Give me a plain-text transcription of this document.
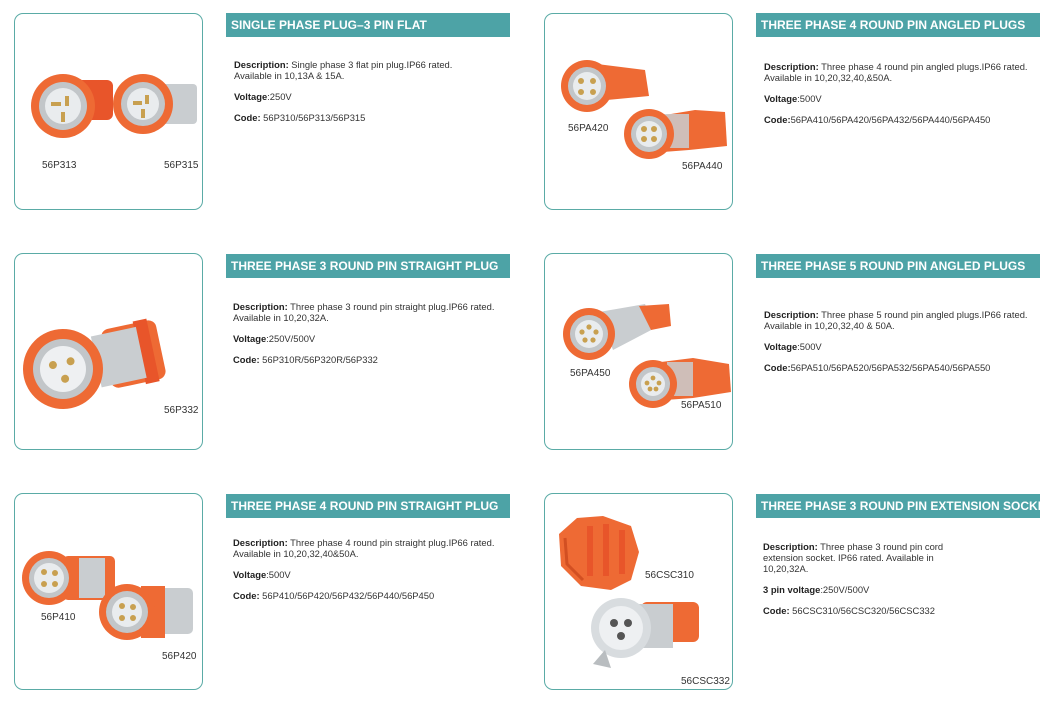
56P313	56P315
SINGLE PHASE PLUG–3 PIN FLAT

Description: Single phase 3 flat pin plug.IP66 rated. Available in 10,13A & 15A.

Voltage:250V

Code: 56P310/56P313/56P315

56PA420
56PA440
THREE PHASE 4 ROUND PIN ANGLED PLUGS

Description: Three phase 4 round pin angled plugs.IP66 rated. Available in 10,20,32,40,&50A.

Voltage:500V

Code:56PA410/56PA420/56PA432/56PA440/56PA450

56P332
THREE PHASE 3 ROUND PIN STRAIGHT PLUG

Description: Three phase 3 round pin straight plug.IP66 rated. Available in 10,20,32A.

Voltage:250V/500V

Code: 56P310R/56P320R/56P332

56PA450
56PA510
THREE PHASE 5 ROUND PIN ANGLED PLUGS

Description: Three phase 5 round pin angled plugs.IP66 rated. Available in 10,20,32,40 & 50A.

Voltage:500V

Code:56PA510/56PA520/56PA532/56PA540/56PA550

56P410
56P420
THREE PHASE 4 ROUND PIN STRAIGHT PLUG

Description: Three phase 4 round pin straight plug.IP66 rated. Available in 10,20,32,40&50A.

Voltage:500V

Code: 56P410/56P420/56P432/56P440/56P450

56CSC310
56CSC332
THREE PHASE 3 ROUND PIN EXTENSION SOCKET

Description: Three phase 3 round pin cord extension socket. IP66 rated. Available in 10,20,32A.

3 pin voltage:250V/500V

Code: 56CSC310/56CSC320/56CSC332
